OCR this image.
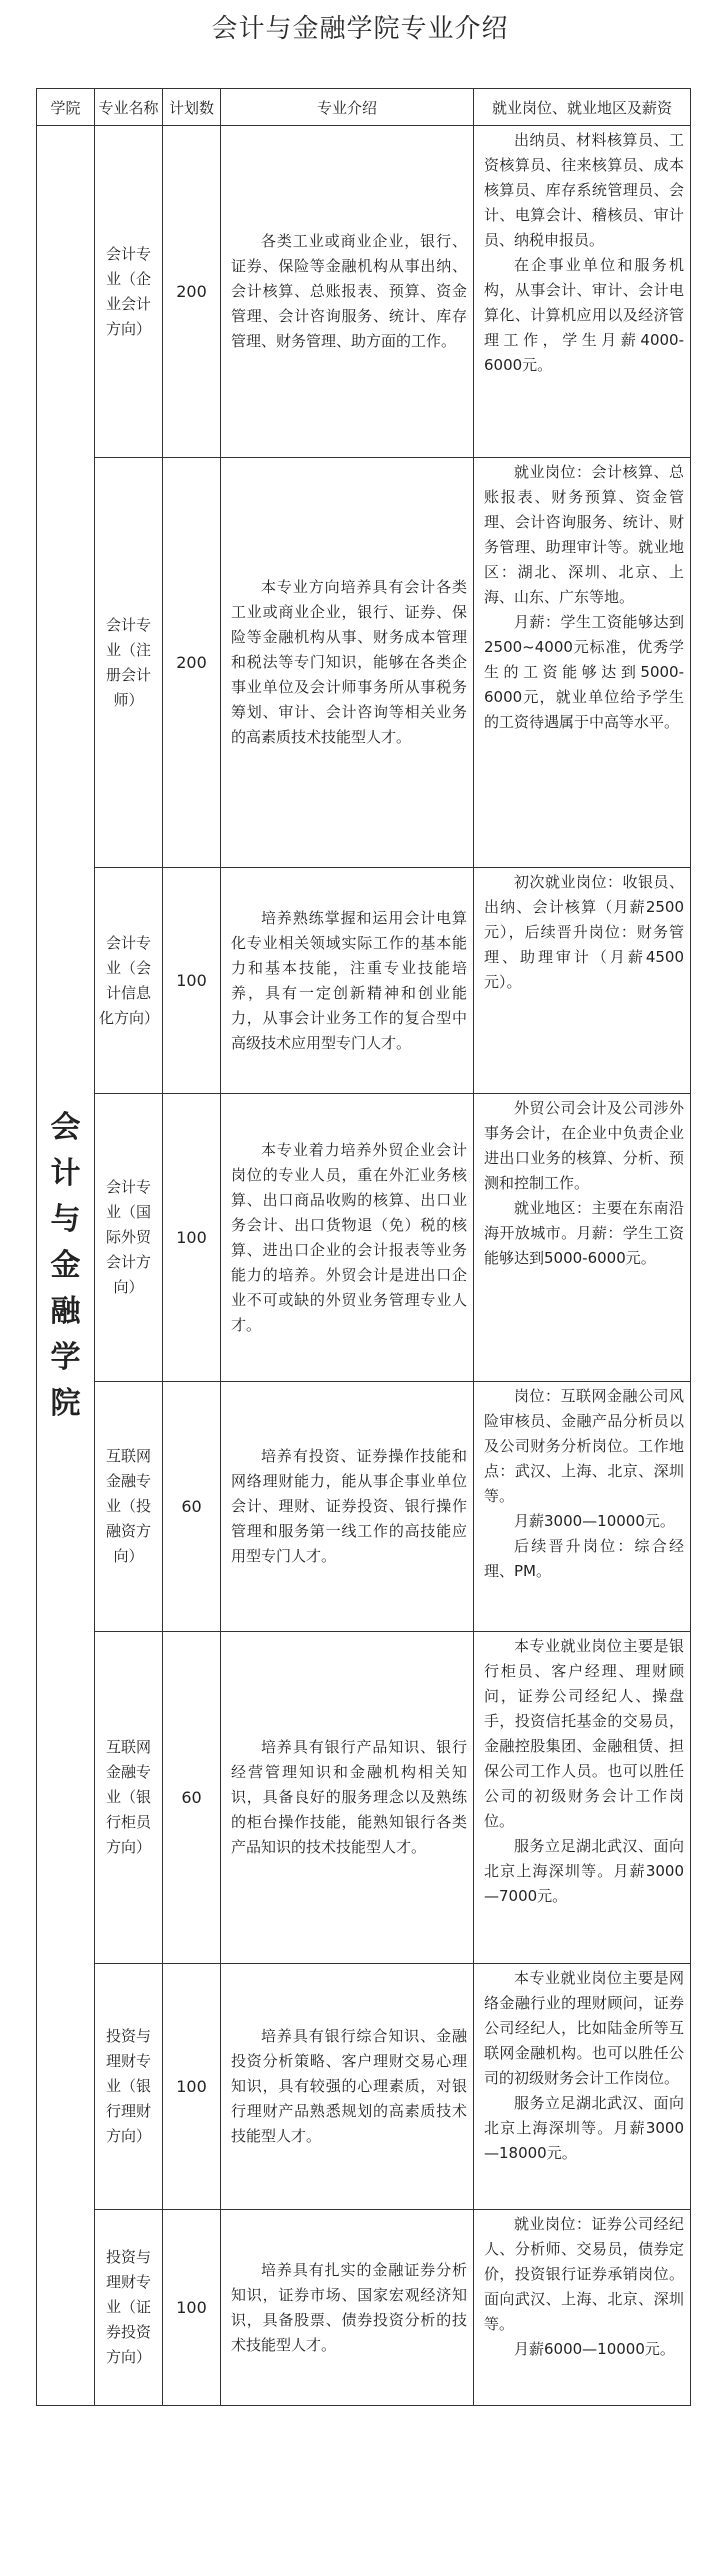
会计与金融学院专业介绍
学院	专业名称	计划数	专业介绍	就业岗位、就业地区及薪资

会计与金融学院	会计专业（企业会计方向）	200	各类工业或商业企业，银行、证券、保险等金融机构从事出纳、会计核算、总账报表、预算、资金管理、会计咨询服务、统计、库存管理、财务管理、助方面的工作。	出纳员、材料核算员、工资核算员、往来核算员、成本核算员、库存系统管理员、会计、电算会计、稽核员、审计员、纳税申报员。

在企事业单位和服务机构，从事会计、审计、会计电算化、计算机应用以及经济管理工作，学生月薪4000-6000元。

	会计专业（注册会计师）	200	本专业方向培养具有会计各类工业或商业企业，银行、证券、保险等金融机构从事、财务成本管理和税法等专门知识，能够在各类企事业单位及会计师事务所从事税务筹划、审计、会计咨询等相关业务的高素质技术技能型人才。	就业岗位：会计核算、总账报表、财务预算、资金管理、会计咨询服务、统计、财务管理、助理审计等。就业地区：湖北、深圳、北京、上海、山东、广东等地。

月薪：学生工资能够达到2500~4000元标准，优秀学生的工资能够达到5000-6000元，就业单位给予学生的工资待遇属于中高等水平。

	会计专业（会计信息化方向）	100	培养熟练掌握和运用会计电算化专业相关领域实际工作的基本能力和基本技能，注重专业技能培养，具有一定创新精神和创业能力，从事会计业务工作的复合型中高级技术应用型专门人才。	初次就业岗位：收银员、出纳、会计核算（月薪2500元），后续晋升岗位：财务管理、助理审计（月薪4500元）。

	会计专业（国际外贸会计方向）	100	本专业着力培养外贸企业会计岗位的专业人员，重在外汇业务核算、出口商品收购的核算、出口业务会计、出口货物退（免）税的核算、进出口企业的会计报表等业务能力的培养。外贸会计是进出口企业不可或缺的外贸业务管理专业人才。	外贸公司会计及公司涉外事务会计，在企业中负责企业进出口业务的核算、分析、预测和控制工作。

就业地区：主要在东南沿海开放城市。月薪：学生工资能够达到5000-6000元。

	互联网金融专业（投融资方向）	60	培养有投资、证券操作技能和网络理财能力，能从事企事业单位会计、理财、证券投资、银行操作管理和服务第一线工作的高技能应用型专门人才。	岗位：互联网金融公司风险审核员、金融产品分析员以及公司财务分析岗位。工作地点：武汉、上海、北京、深圳等。

月薪3000—10000元。

后续晋升岗位：综合经理、PM。

	互联网金融专业（银行柜员方向）	60	培养具有银行产品知识、银行经营管理知识和金融机构相关知识，具备良好的服务理念以及熟练的柜台操作技能，能熟知银行各类产品知识的技术技能型人才。	本专业就业岗位主要是银行柜员、客户经理、理财顾问，证券公司经纪人、操盘手，投资信托基金的交易员，金融控股集团、金融租赁、担保公司工作人员。也可以胜任公司的初级财务会计工作岗位。

服务立足湖北武汉、面向北京上海深圳等。月薪3000—7000元。

	投资与理财专业（银行理财方向）	100	培养具有银行综合知识、金融投资分析策略、客户理财交易心理知识，具有较强的心理素质，对银行理财产品熟悉规划的高素质技术技能型人才。	本专业就业岗位主要是网络金融行业的理财顾问，证券公司经纪人，比如陆金所等互联网金融机构。也可以胜任公司的初级财务会计工作岗位。

服务立足湖北武汉、面向北京上海深圳等。月薪3000—18000元。

	投资与理财专业（证券投资方向）	100	培养具有扎实的金融证券分析知识，证券市场、国家宏观经济知识，具备股票、债券投资分析的技术技能型人才。	就业岗位：证券公司经纪人、分析师、交易员，债券定价，投资银行证券承销岗位。面向武汉、上海、北京、深圳等。

月薪6000—10000元。
